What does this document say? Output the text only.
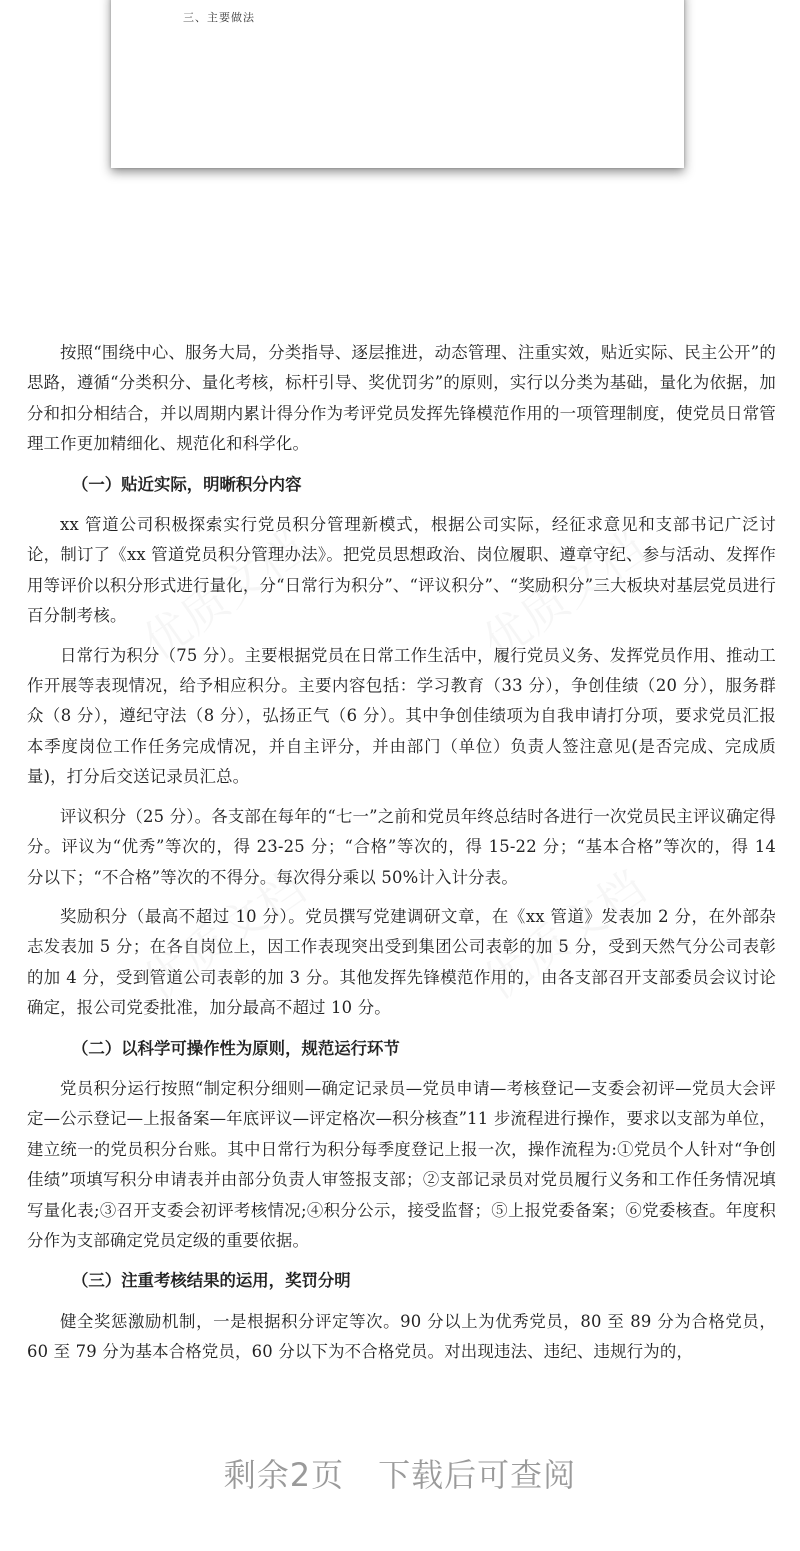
三、主要做法

按照“围绕中心、服务大局，分类指导、逐层推进，动态管理、注重实效，贴近实际、民主公开”的思路，遵循“分类积分、量化考核，标杆引导、奖优罚劣”的原则，实行以分类为基础，量化为依据，加分和扣分相结合，并以周期内累计得分作为考评党员发挥先锋模范作用的一项管理制度，使党员日常管理工作更加精细化、规范化和科学化。

（一）贴近实际，明晰积分内容

xx 管道公司积极探索实行党员积分管理新模式，根据公司实际，经征求意见和支部书记广泛讨论，制订了《xx 管道党员积分管理办法》。把党员思想政治、岗位履职、遵章守纪、参与活动、发挥作用等评价以积分形式进行量化，分“日常行为积分”、“评议积分”、“奖励积分”三大板块对基层党员进行百分制考核。

日常行为积分（75 分）。主要根据党员在日常工作生活中，履行党员义务、发挥党员作用、推动工作开展等表现情况，给予相应积分。主要内容包括：学习教育（33 分），争创佳绩（20 分），服务群众（8 分），遵纪守法（8 分），弘扬正气（6 分）。其中争创佳绩项为自我申请打分项，要求党员汇报本季度岗位工作任务完成情况，并自主评分，并由部门（单位）负责人签注意见(是否完成、完成质量)，打分后交送记录员汇总。

评议积分（25 分）。各支部在每年的“七一”之前和党员年终总结时各进行一次党员民主评议确定得分。评议为“优秀”等次的，得 23-25 分；“合格”等次的，得 15-22 分；“基本合格”等次的，得 14 分以下；“不合格”等次的不得分。每次得分乘以 50%计入计分表。

奖励积分（最高不超过 10 分）。党员撰写党建调研文章，在《xx 管道》发表加 2 分，在外部杂志发表加 5 分；在各自岗位上，因工作表现突出受到集团公司表彰的加 5 分，受到天然气分公司表彰的加 4 分，受到管道公司表彰的加 3 分。其他发挥先锋模范作用的，由各支部召开支部委员会议讨论确定，报公司党委批准，加分最高不超过 10 分。

（二）以科学可操作性为原则，规范运行环节

党员积分运行按照“制定积分细则—确定记录员—党员申请—考核登记—支委会初评—党员大会评定—公示登记—上报备案—年底评议—评定格次—积分核查”11 步流程进行操作，要求以支部为单位，建立统一的党员积分台账。其中日常行为积分每季度登记上报一次，操作流程为:①党员个人针对“争创佳绩”项填写积分申请表并由部分负责人审签报支部；②支部记录员对党员履行义务和工作任务情况填写量化表;③召开支委会初评考核情况;④积分公示，接受监督；⑤上报党委备案；⑥党委核查。年度积分作为支部确定党员定级的重要依据。

（三）注重考核结果的运用，奖罚分明

健全奖惩激励机制，一是根据积分评定等次。90 分以上为优秀党员，80 至 89 分为合格党员，60 至 79 分为基本合格党员，60 分以下为不合格党员。对出现违法、违纪、违规行为的，

剩余2页 下载后可查阅
